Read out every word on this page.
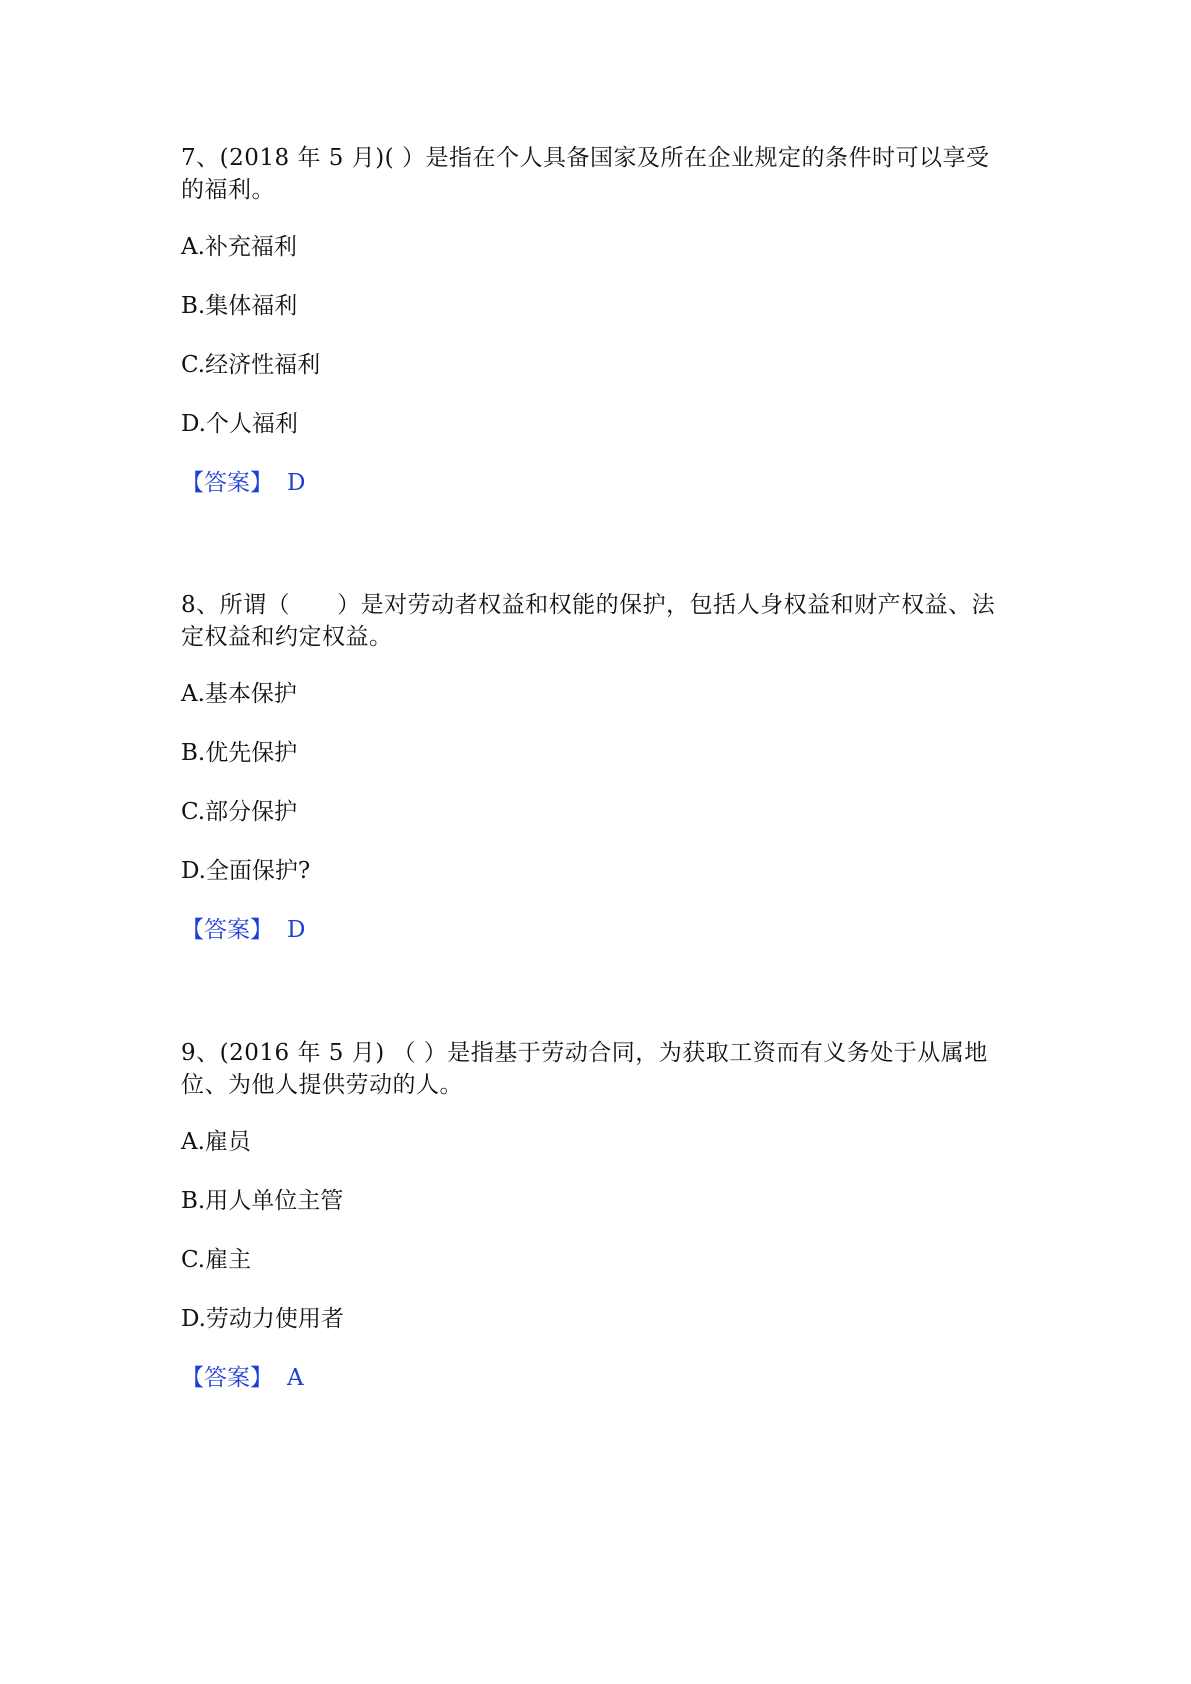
7、(2018 年 5 月)( ）是指在个人具备国家及所在企业规定的条件时可以享受
的福利。

A.补充福利
B.集体福利
C.经济性福利
D.个人福利
【答案】 D

8、所谓（　　）是对劳动者权益和权能的保护，包括人身权益和财产权益、法
定权益和约定权益。

A.基本保护
B.优先保护
C.部分保护
D.全面保护?
【答案】 D

9、(2016 年 5 月) （ ）是指基于劳动合同，为获取工资而有义务处于从属地
位、为他人提供劳动的人。

A.雇员
B.用人单位主管
C.雇主
D.劳动力使用者
【答案】 A
